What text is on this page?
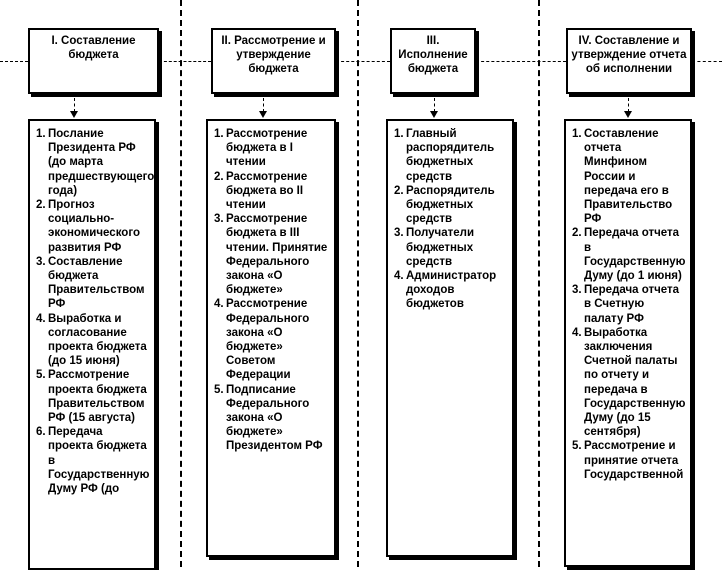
I. Составление бюджета
1. Послание Президента РФ (до марта предшествующего года)
2. Прогноз социально-экономического развития РФ
3. Составление бюджета Правительством РФ
4. Выработка и согласование проекта бюджета (до 15 июня)
5. Рассмотрение проекта бюджета Правительством РФ (15 августа)
6. Передача проекта бюджета в Государственную Думу РФ (до
II. Рассмотрение и утверждение бюджета
1. Рассмотрение бюджета в I чтении
2. Рассмотрение бюджета во II чтении
3. Рассмотрение бюджета в III чтении. Принятие Федерального закона «О бюджете»
4. Рассмотрение Федерального закона «О бюджете» Советом Федерации
5. Подписание Федерального закона «О бюджете» Президентом РФ
III. Исполнение бюджета
1. Главный распорядитель бюджетных средств
2. Распорядитель бюджетных средств
3. Получатели бюджетных средств
4. Администратор доходов бюджетов
IV. Составление и утверждение отчета об исполнении
1. Составление отчета Минфином России и передача его в Правительство РФ
2. Передача отчета в Государственную Думу (до 1 июня)
3. Передача отчета в Счетную палату РФ
4. Выработка заключения Счетной палаты по отчету и передача в Государственную Думу (до 15 сентября)
5. Рассмотрение и принятие отчета Государственной
